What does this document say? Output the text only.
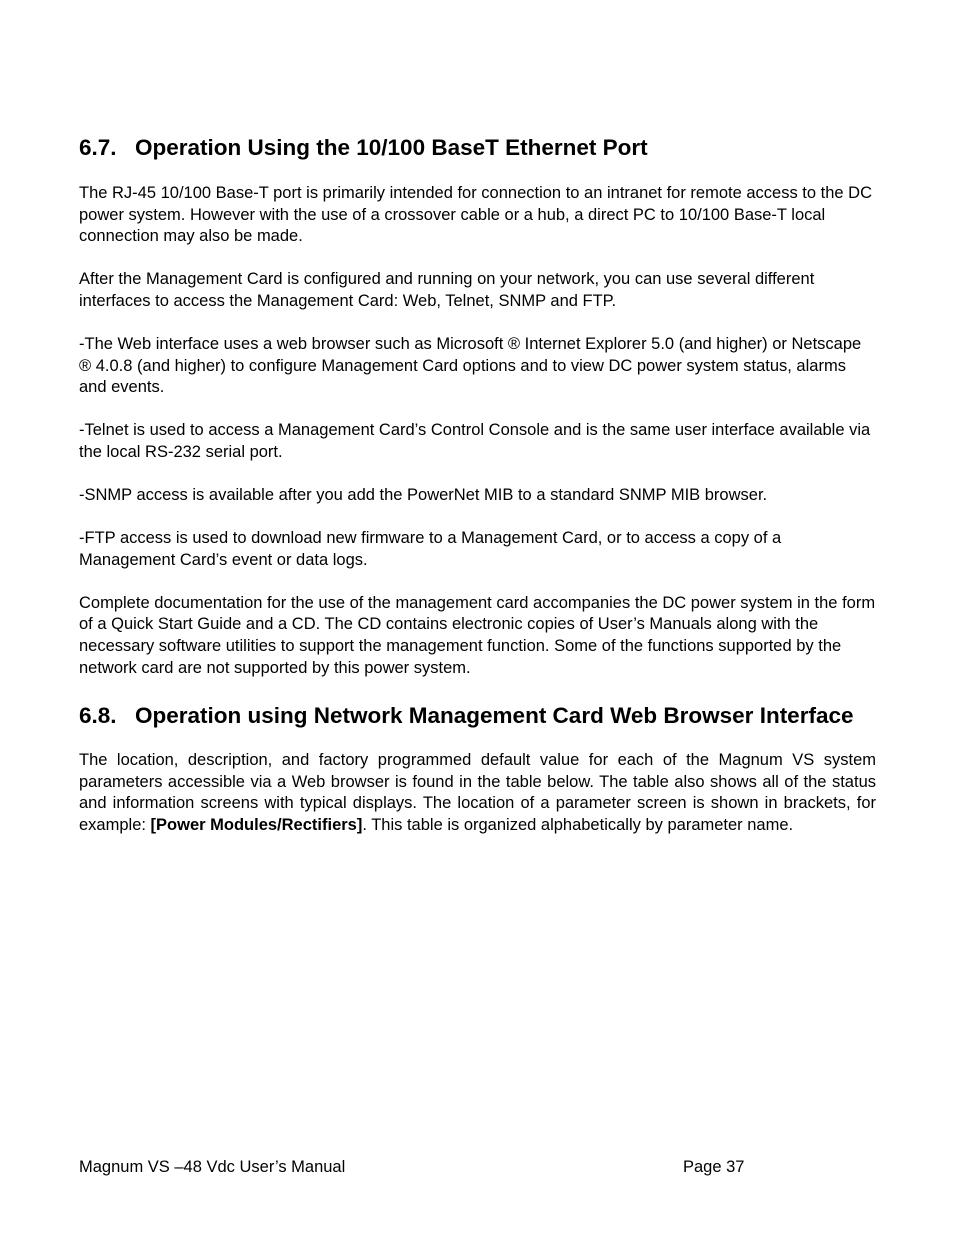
6.7. Operation Using the 10/100 BaseT Ethernet Port

The RJ-45 10/100 Base-T port is primarily intended for connection to an intranet for remote access to the DC power system. However with the use of a crossover cable or a hub, a direct PC to 10/100 Base-T local connection may also be made.

After the Management Card is configured and running on your network, you can use several different interfaces to access the Management Card: Web, Telnet, SNMP and FTP.

-The Web interface uses a web browser such as Microsoft ® Internet Explorer 5.0 (and higher) or Netscape ® 4.0.8 (and higher) to configure Management Card options and to view DC power system status, alarms and events.

-Telnet is used to access a Management Card’s Control Console and is the same user interface available via the local RS-232 serial port.

-SNMP access is available after you add the PowerNet MIB to a standard SNMP MIB browser.

-FTP access is used to download new firmware to a Management Card, or to access a copy of a Management Card’s event or data logs.

Complete documentation for the use of the management card accompanies the DC power system in the form of a Quick Start Guide and a CD. The CD contains electronic copies of User’s Manuals along with the necessary software utilities to support the management function. Some of the functions supported by the network card are not supported by this power system.

6.8. Operation using Network Management Card Web Browser Interface

The location, description, and factory programmed default value for each of the Magnum VS system parameters accessible via a Web browser is found in the table below. The table also shows all of the status and information screens with typical displays. The location of a parameter screen is shown in brackets, for example: [Power Modules/Rectifiers]. This table is organized alphabetically by parameter name.

Magnum VS –48 Vdc User’s Manual	Page 37
